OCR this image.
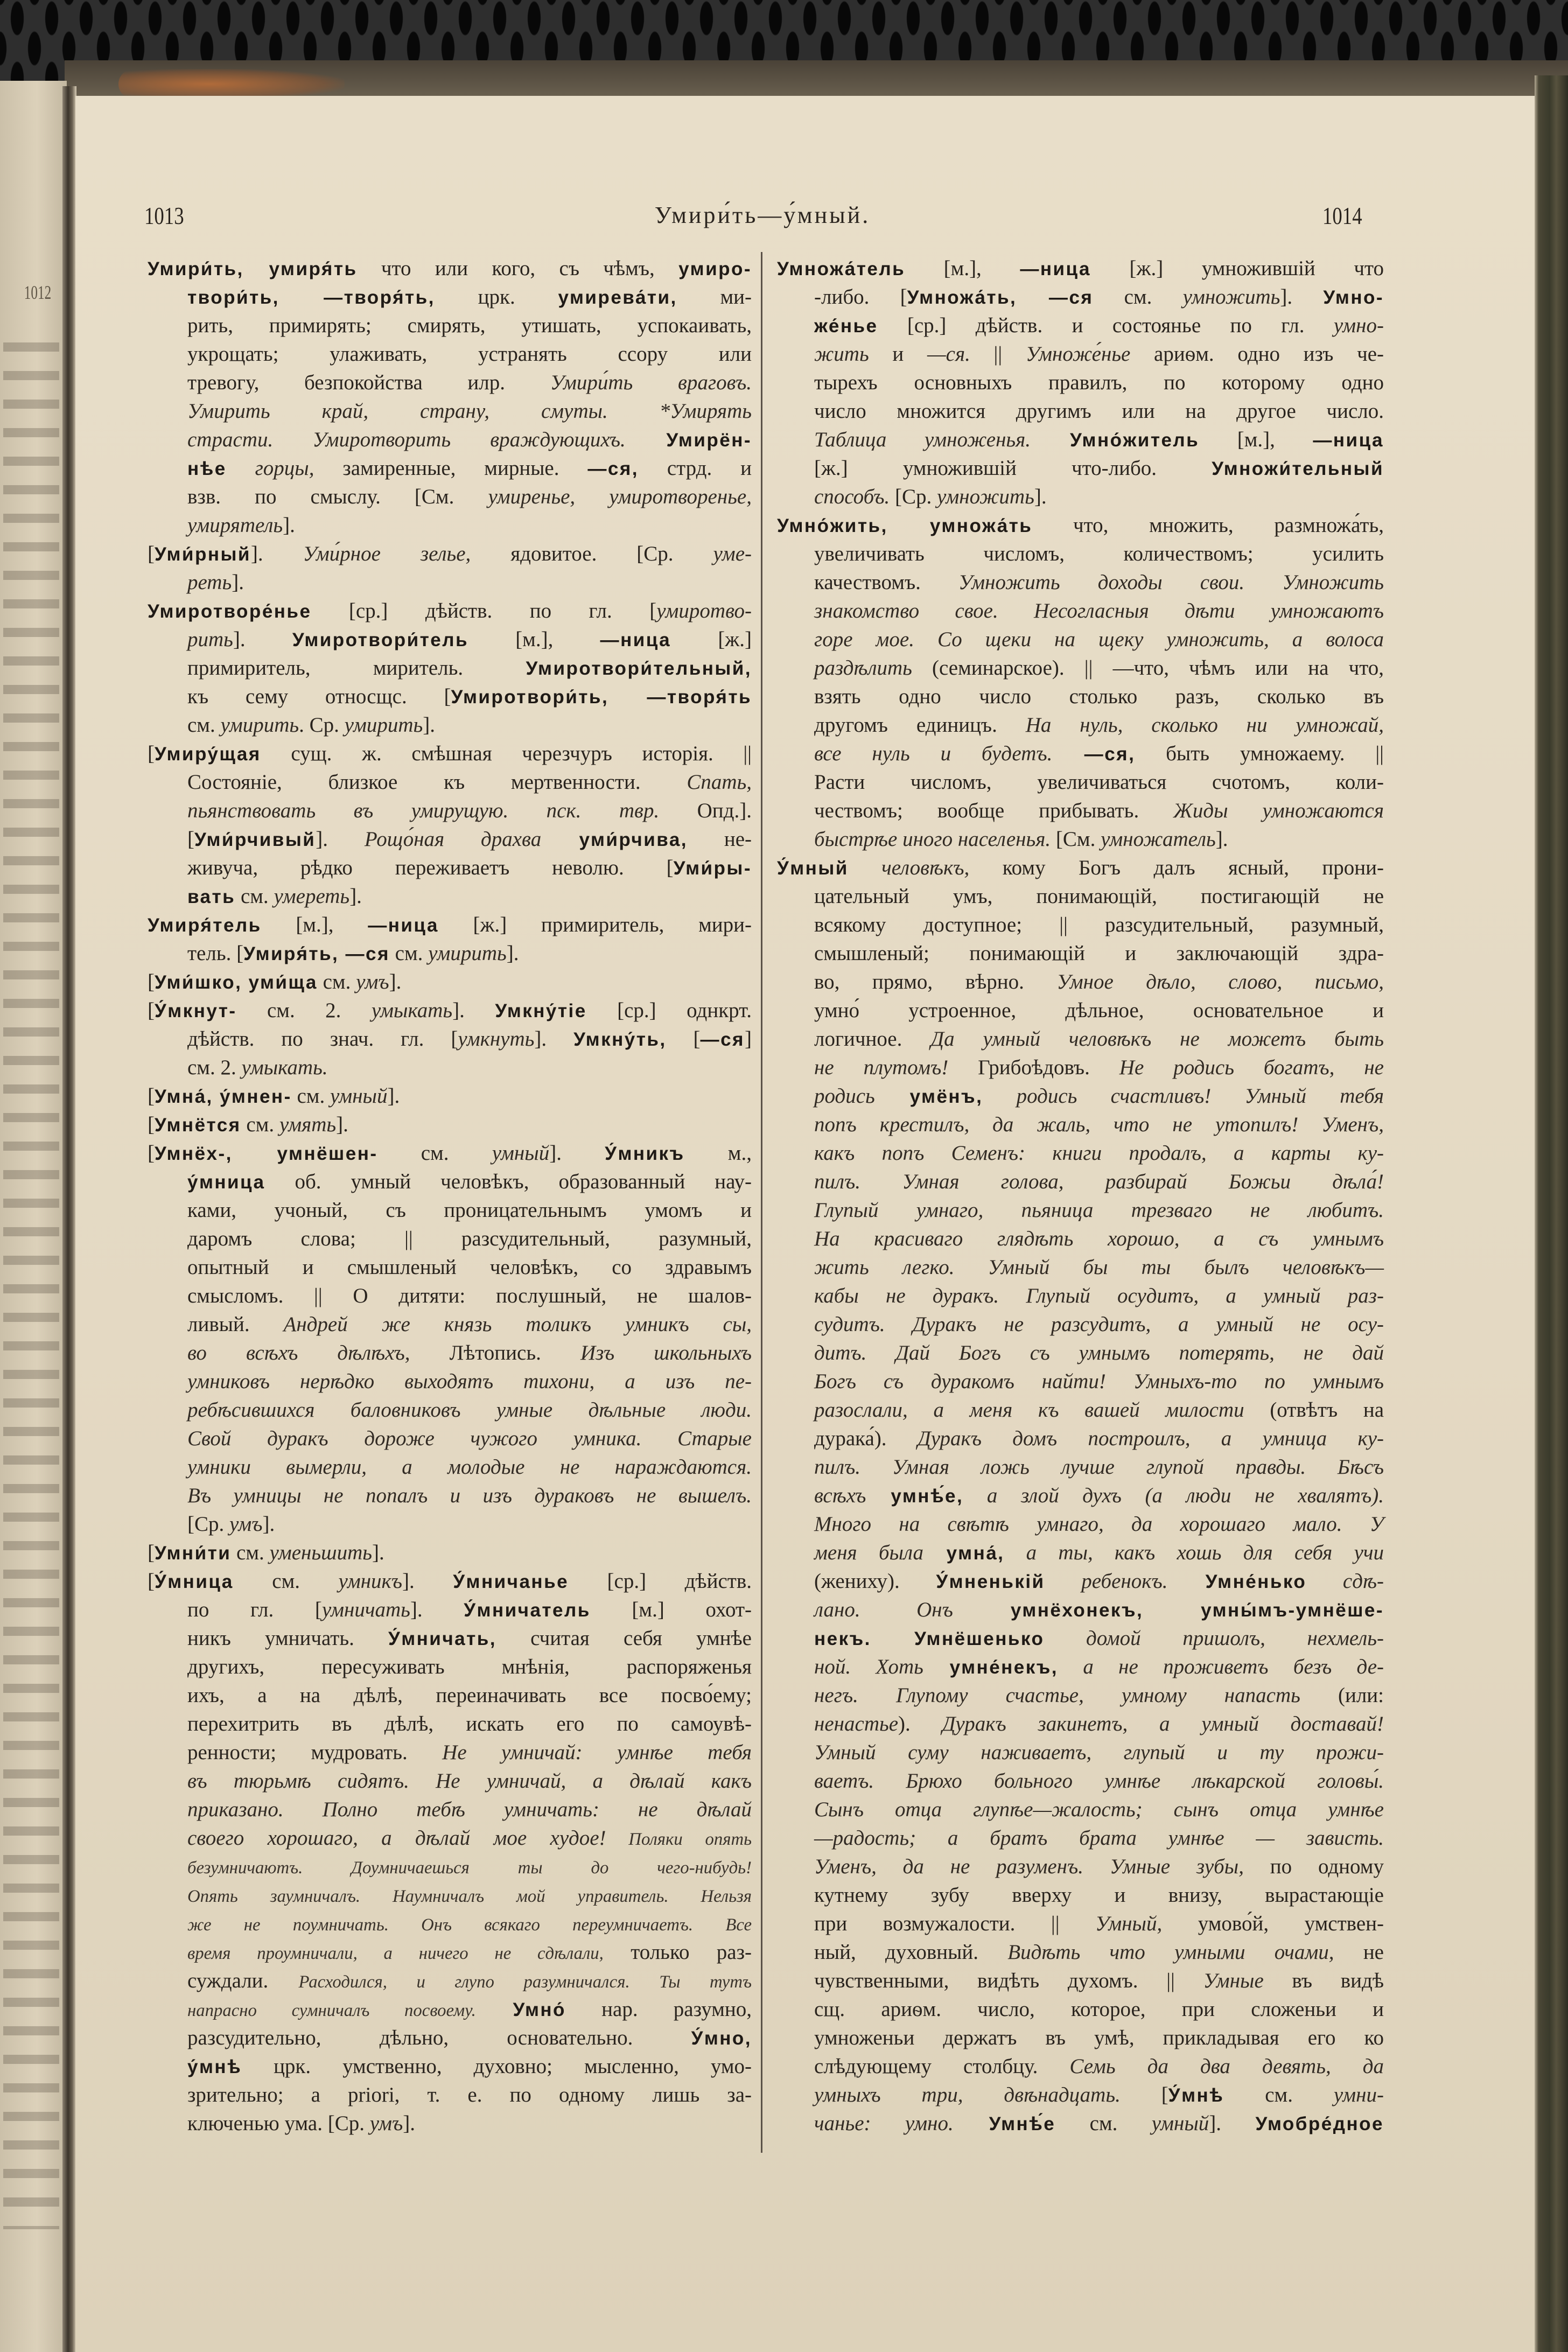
1012
1013	Умири́ть—у́мный.	1014
Умири́ть, умиря́ть что или кого, съ чѣмъ, умиро-
твори́ть, —творя́ть, црк. умирева́ти, ми-
рить, примирять; смирять, утишать, успокаивать,
укрощать; улаживать, устранять ссору или
тревогу, безпокойства илр. Умири́ть враговъ.
Умирить край, страну, смуты. *Умирять
страсти. Умиротворить враждующихъ. Умирён-
нѣе горцы, замиренные, мирные. —ся, стрд. и
взв. по смыслу. [См. умиренье, умиротворенье,
умирятель].
[Уми́рный]. Уми́рное зелье, ядовитое. [Ср. уме-
реть].
Умиротворе́нье [ср.] дѣйств. по гл. [умиротво-
рить]. Умиротвори́тель [м.], —ница [ж.]
примиритель, миритель. Умиротвори́тельный,
къ сему относщс. [Умиротвори́ть, —творя́ть
см. умирить. Ср. умирить].
[Умиру́щая сущ. ж. смѣшная черезчуръ исторія. ||
Состояніе, близкое къ мертвенности. Спать,
пьянствовать въ умирущую. пск. твр. Опд.].
[Уми́рчивый]. Рощо́ная драхва уми́рчива, не-
живуча, рѣдко переживаетъ неволю. [Уми́ры-
вать см. умереть].
Умиря́тель [м.], —ница [ж.] примиритель, мири-
тель. [Умиря́ть, —ся см. умирить].
[Уми́шко, уми́ща см. умъ].
[У́мкнут- см. 2. умыкать]. Умкну́тіе [ср.] однкрт.
дѣйств. по знач. гл. [умкнуть]. Умкну́ть, [—ся]
см. 2. умыкать.
[Умна́, у́мнен- см. умный].
[Умнётся см. умять].
[Умнёх-, умнёшен- см. умный]. У́мникъ м.,
у́мница об. умный человѣкъ, образованный нау-
ками, учоный, съ проницательнымъ умомъ и
даромъ слова; || разсудительный, разумный,
опытный и смышленый человѣкъ, со здравымъ
смысломъ. || О дитяти: послушный, не шалов-
ливый. Андрей же князь толикъ умникъ сы,
во всѣхъ дѣлѣхъ, Лѣтопись. Изъ школьныхъ
умниковъ нерѣдко выходятъ тихони, а изъ пе-
ребѣсившихся баловниковъ умные дѣльные люди.
Свой дуракъ дороже чужого умника. Старые
умники вымерли, а молодые не нараждаются.
Въ умницы не попалъ и изъ дураковъ не вышелъ.
[Ср. умъ].
[Умни́ти см. уменьшить].
[У́мница см. умникъ]. У́мничанье [ср.] дѣйств.
по гл. [умничать]. У́мничатель [м.] охот-
никъ умничать. У́мничать, считая себя умнѣе
другихъ, пересуживать мнѣнія, распоряженья
ихъ, а на дѣлѣ, переиначивать все посво́ему;
перехитрить въ дѣлѣ, искать его по самоувѣ-
ренности; мудровать. Не умничай: умнѣе тебя
въ тюрьмѣ сидятъ. Не умничай, а дѣлай какъ
приказано. Полно тебѣ умничать: не дѣлай
своего хорошаго, а дѣлай мое худое! Поляки опять
безумничаютъ. Доумничаешься ты до чего-нибудь!
Опять заумничалъ. Наумничалъ мой управитель. Нельзя
же не поумничать. Онъ всякаго переумничаетъ. Все
время проумничали, а ничего не сдѣлали, только раз-
суждали. Расходился, и глупо разумничался. Ты тутъ
напрасно сумничалъ посвоему. Умно́ нар. разумно,
разсудительно, дѣльно, основательно. У́мно,
у́мнѣ црк. умственно, духовно; мысленно, умо-
зрительно; a priori, т. е. по одному лишь за-
ключенью ума. [Ср. умъ].
Умножа́тель [м.], —ница [ж.] умножившій что
-либо. [Умножа́ть, —ся см. умножить]. Умно-
же́нье [ср.] дѣйств. и состоянье по гл. умно-
жить и —ся. || Умноже́нье ариѳм. одно изъ че-
тырехъ основныхъ правилъ, по которому одно
число множится другимъ или на другое число.
Таблица умноженья. Умно́житель [м.], —ница
[ж.] умножившій что-либо. Умножи́тельный
способъ. [Ср. умножить].
Умно́жить, умножа́ть что, множить, размножа́ть,
увеличивать числомъ, количествомъ; усилить
качествомъ. Умножить доходы свои. Умножить
знакомство свое. Несогласныя дѣти умножаютъ
горе мое. Со щеки на щеку умножить, а волоса
раздѣлить (семинарское). || —что, чѣмъ или на что,
взять одно число столько разъ, сколько въ
другомъ единицъ. На нуль, сколько ни умножай,
все нуль и будетъ. —ся, быть умножаему. ||
Расти числомъ, увеличиваться счотомъ, коли-
чествомъ; вообще прибывать. Жиды умножаются
быстрѣе иного населенья. [См. умножатель].
У́мный человѣкъ, кому Богъ далъ ясный, прони-
цательный умъ, понимающій, постигающій не
всякому доступное; || разсудительный, разумный,
смышленый; понимающій и заключающій здра-
во, прямо, вѣрно. Умное дѣло, слово, письмо,
умно́ устроенное, дѣльное, основательное и
логичное. Да умный человѣкъ не можетъ быть
не плутомъ! Грибоѣдовъ. Не родись богатъ, не
родись умёнъ, родись счастливъ! Умный тебя
попъ крестилъ, да жаль, что не утопилъ! Уменъ,
какъ попъ Семенъ: книги продалъ, а карты ку-
пилъ. Умная голова, разбирай Божьи дѣла́!
Глупый умнаго, пьяница трезваго не любитъ.
На красиваго глядѣть хорошо, а съ умнымъ
жить легко. Умный бы ты былъ человѣкъ—
кабы не дуракъ. Глупый осудитъ, а умный раз-
судитъ. Дуракъ не разсудитъ, а умный не осу-
дитъ. Дай Богъ съ умнымъ потерять, не дай
Богъ съ дуракомъ найти! Умныхъ-то по умнымъ
разослали, а меня къ вашей милости (отвѣтъ на
дурака́). Дуракъ домъ построилъ, а умница ку-
пилъ. Умная ложь лучше глупой правды. Бѣсъ
всѣхъ умнѣ́е, а злой духъ (а люди не хвалятъ).
Много на свѣтѣ умнаго, да хорошаго мало. У
меня была умна́, а ты, какъ хошь для себя учи
(жениху). У́мненькій ребенокъ. Умне́нько сдѣ-
лано. Онъ умнёхонекъ, умны́мъ-умнёше-
некъ. Умнёшенько домой пришолъ, нехмель-
ной. Хоть умне́некъ, а не проживетъ безъ де-
негъ. Глупому счастье, умному напасть (или:
ненастье). Дуракъ закинетъ, а умный доставай!
Умный суму наживаетъ, глупый и ту прожи-
ваетъ. Брюхо больного умнѣе лѣкарской головы́.
Сынъ отца глупѣе—жалость; сынъ отца умнѣе
—радость; а братъ брата умнѣе — зависть.
Уменъ, да не разуменъ. Умные зубы, по одному
кутнему зубу вверху и внизу, вырастающіе
при возмужалости. || Умный, умово́й, умствен-
ный, духовный. Видѣть что умными очами, не
чувственными, видѣть духомъ. || Умные въ видѣ
сщ. ариѳм. число, которое, при сложеньи и
умноженьи держатъ въ умѣ, прикладывая его ко
слѣдующему столбцу. Семь да два девять, да
умныхъ три, двѣнадцать. [У́мнѣ см. умни-
чанье: умно. Умнѣ́е см. умный]. Умобре́дное
